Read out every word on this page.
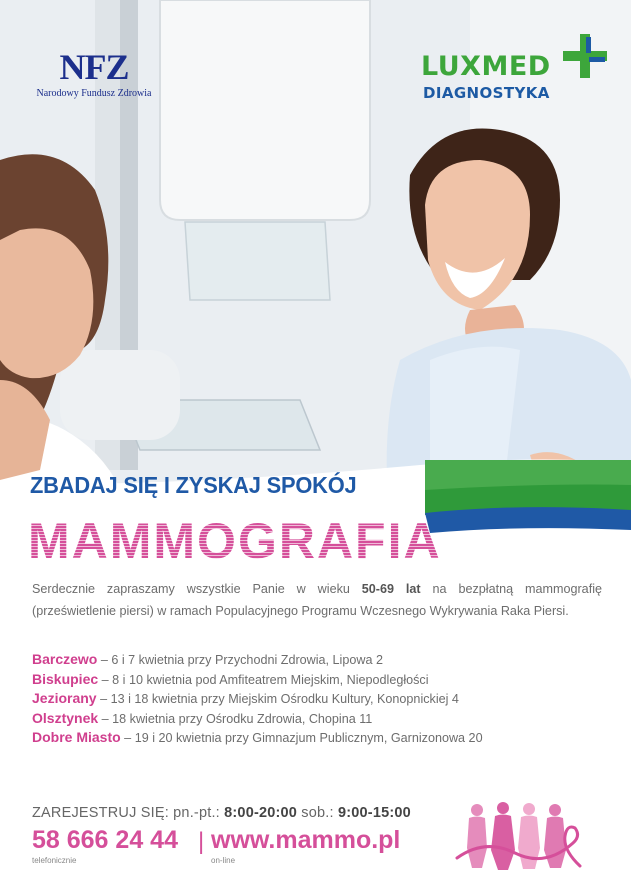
NFZ
Narodowy Fundusz Zdrowia
LUXMED
DIAGNOSTYKA
ZBADAJ SIĘ I ZYSKAJ SPOKÓJ
MAMMOGRAFIA
Serdecznie zapraszamy wszystkie Panie w wieku 50-69 lat na bezpłatną mammografię
(prześwietlenie piersi) w ramach Populacyjnego Programu Wczesnego Wykrywania Raka Piersi.
Barczewo – 6 i 7 kwietnia przy Przychodni Zdrowia, Lipowa 2
Biskupiec – 8 i 10 kwietnia pod Amfiteatrem Miejskim, Niepodległości
Jeziorany – 13 i 18 kwietnia przy Miejskim Ośrodku Kultury, Konopnickiej 4
Olsztynek – 18 kwietnia przy Ośrodku Zdrowia, Chopina 11
Dobre Miasto – 19 i 20 kwietnia przy Gimnazjum Publicznym, Garnizonowa 20
ZAREJESTRUJ SIĘ: pn.-pt.: 8:00-20:00 sob.: 9:00-15:00
58 666 24 44 | www.mammo.pl
telefonicznie	on-line
